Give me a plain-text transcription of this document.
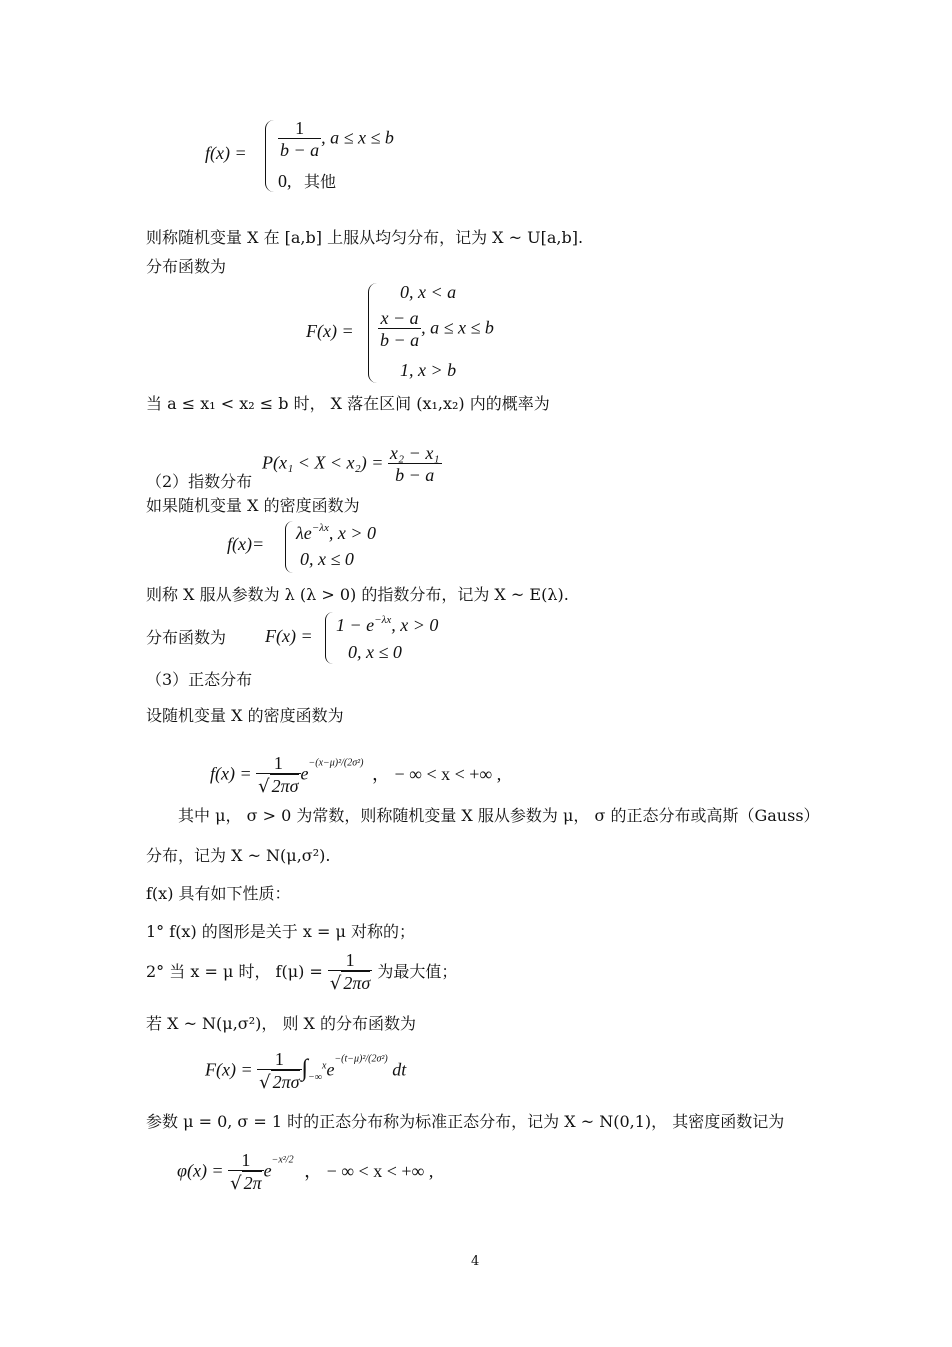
$f(x) = \frac{1}{b - a}$ , a ≤ x ≤ b
0, 其他
则称随机变量 X 在 [a,b] 上服从均匀分布，记为 X ~ U[a,b].
分布函数为
F(x) =
0, x < a
$\frac{x - a}{b - a}$ , a ≤ x ≤ b
1, x > b
当 a ≤ x₁ < x₂ ≤ b 时， X 落在区间 (x₁,x₂) 内的概率为
$P(x_1 < X < x_2) = \frac{\text{x₂ − x₁}}{b - a}$
（2）指数分布
如果随机变量 X 的密度函数为
f(x)=
$\lambda e^{-\lambda x}$, x > 0
0, x ≤ 0
则称 X 服从参数为 λ (λ > 0) 的指数分布，记为 X ~ E(λ).
分布函数为 F(x) =
$1 - e^{-\lambda x}$, x > 0
0, x ≤ 0
（3）正态分布
设随机变量 X 的密度函数为
$f(x) = \frac{1}{√ 2\pi\sigma} e^{-(x-\mu)^2/(2\sigma^2)}$ ， − ∞ < x < +∞ ,
其中 μ， σ > 0 为常数，则称随机变量 X 服从参数为 μ， σ 的正态分布或高斯（Gauss）
分布，记为 X ~ N(μ,σ²).
f(x) 具有如下性质：
1° f(x) 的图形是关于 x = μ 对称的；
2° 当 x = μ 时， $f(\mu) = \frac{1}{√ 2\pi\sigma}$ 为最大值；
若 X ~ N(μ,σ²)， 则 X 的分布函数为
$F(x) = \frac{1}{√ 2\pi\sigma} \int_{-\infty}^xe^{-(t-\mu)^2/(2\sigma^2)}$ dt
参数 μ = 0, σ = 1 时的正态分布称为标准正态分布，记为 X ~ N(0,1)， 其密度函数记为
$\varphi(x) = \frac{1}{√ 2\pi} e^{-x^2/2}$ ， − ∞ < x < +∞ ,
4
